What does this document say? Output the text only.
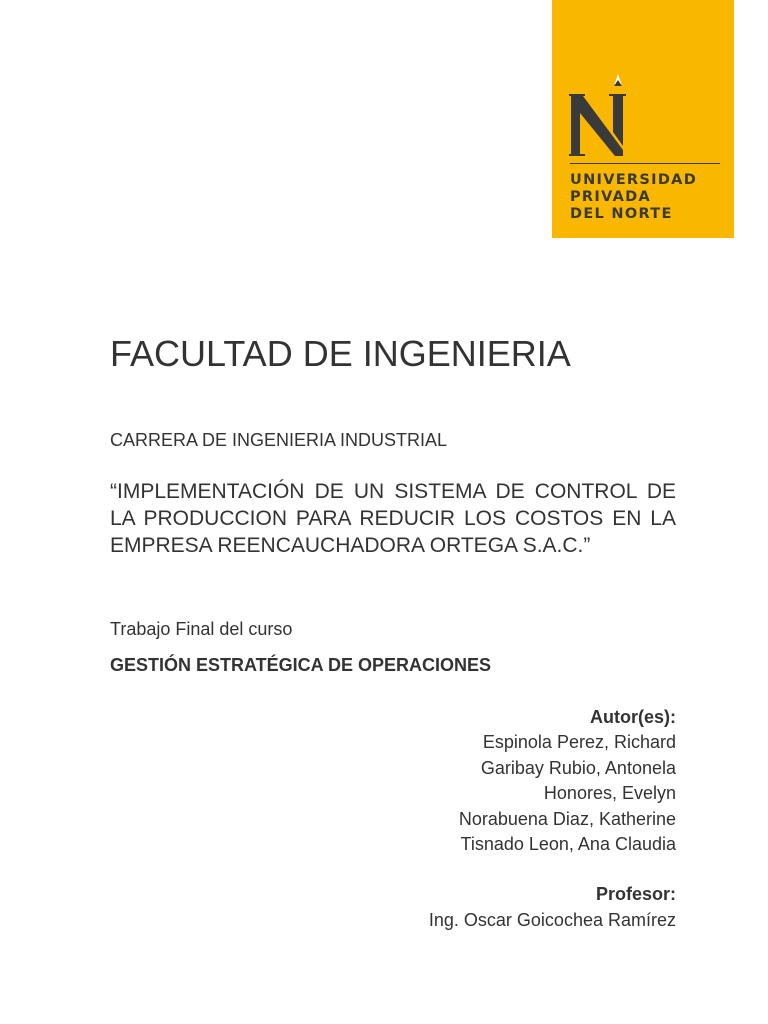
UNIVERSIDAD
PRIVADA
DEL NORTE
FACULTAD DE INGENIERIA
CARRERA DE INGENIERIA INDUSTRIAL
“IMPLEMENTACIÓN DE UN SISTEMA DE CONTROL DE LA PRODUCCION PARA REDUCIR LOS COSTOS EN LA EMPRESA REENCAUCHADORA ORTEGA S.A.C.”
Trabajo Final del curso
GESTIÓN ESTRATÉGICA DE OPERACIONES
Autor(es):
Espinola Perez, Richard
Garibay Rubio, Antonela
Honores, Evelyn
Norabuena Diaz, Katherine
Tisnado Leon, Ana Claudia
Profesor:
Ing. Oscar Goicochea Ramírez
